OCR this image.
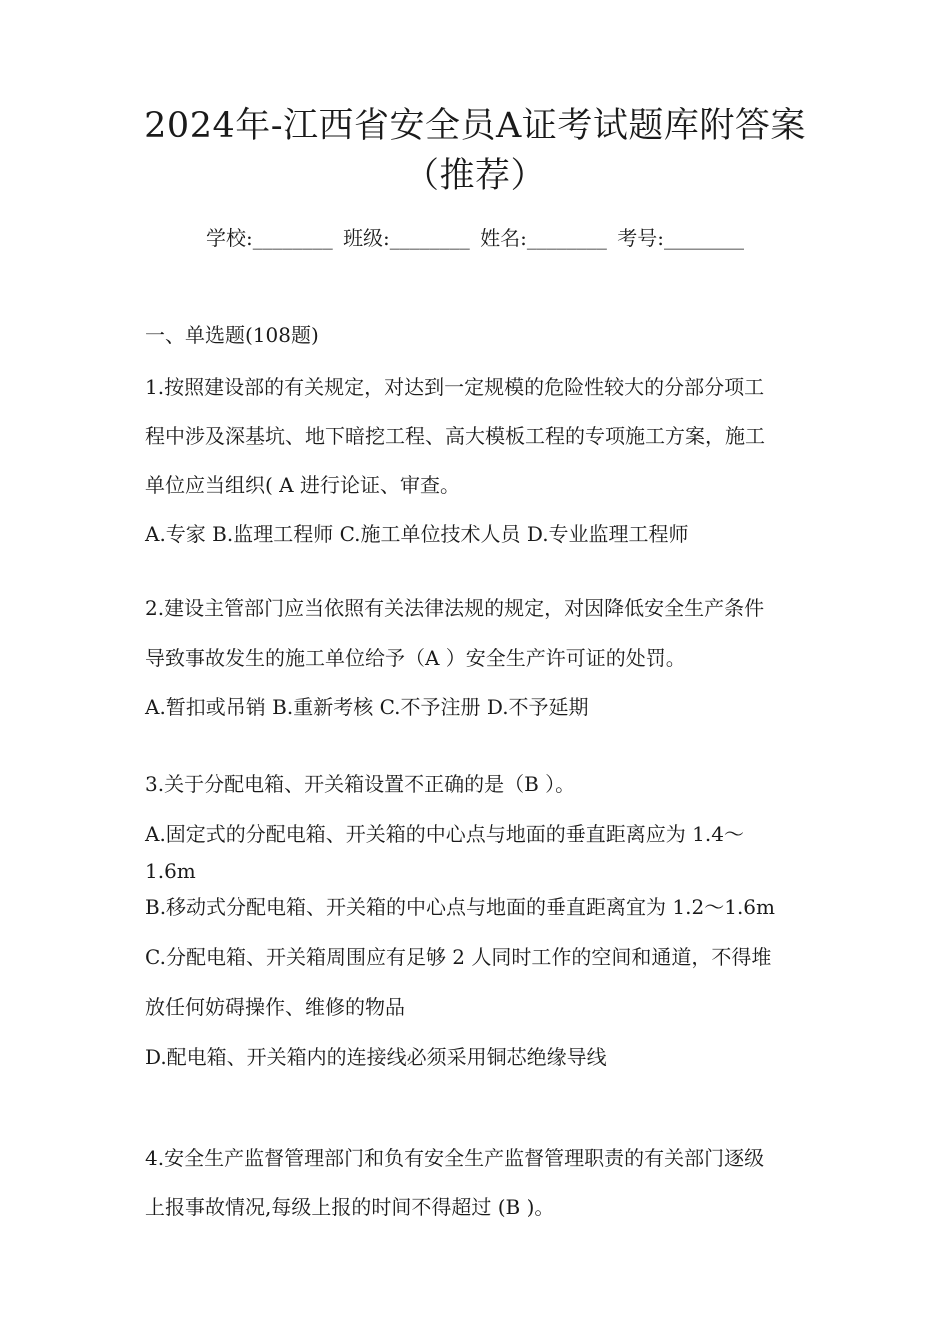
2024年-江西省安全员A证考试题库附答案
（推荐）
学校:________ 班级:________ 姓名:________ 考号:________
一、单选题(108题)
1.按照建设部的有关规定，对达到一定规模的危险性较大的分部分项工
程中涉及深基坑、地下暗挖工程、高大模板工程的专项施工方案，施工
单位应当组织( A 进行论证、审查。
A.专家 B.监理工程师 C.施工单位技术人员 D.专业监理工程师
2.建设主管部门应当依照有关法律法规的规定，对因降低安全生产条件
导致事故发生的施工单位给予（A ）安全生产许可证的处罚。
A.暂扣或吊销 B.重新考核 C.不予注册 D.不予延期
3.关于分配电箱、开关箱设置不正确的是（B ）。
A.固定式的分配电箱、开关箱的中心点与地面的垂直距离应为 1.4～
1.6m
B.移动式分配电箱、开关箱的中心点与地面的垂直距离宜为 1.2～1.6m
C.分配电箱、开关箱周围应有足够 2 人同时工作的空间和通道，不得堆
放任何妨碍操作、维修的物品
D.配电箱、开关箱内的连接线必须采用铜芯绝缘导线
4.安全生产监督管理部门和负有安全生产监督管理职责的有关部门逐级
上报事故情况,每级上报的时间不得超过 (B )。
